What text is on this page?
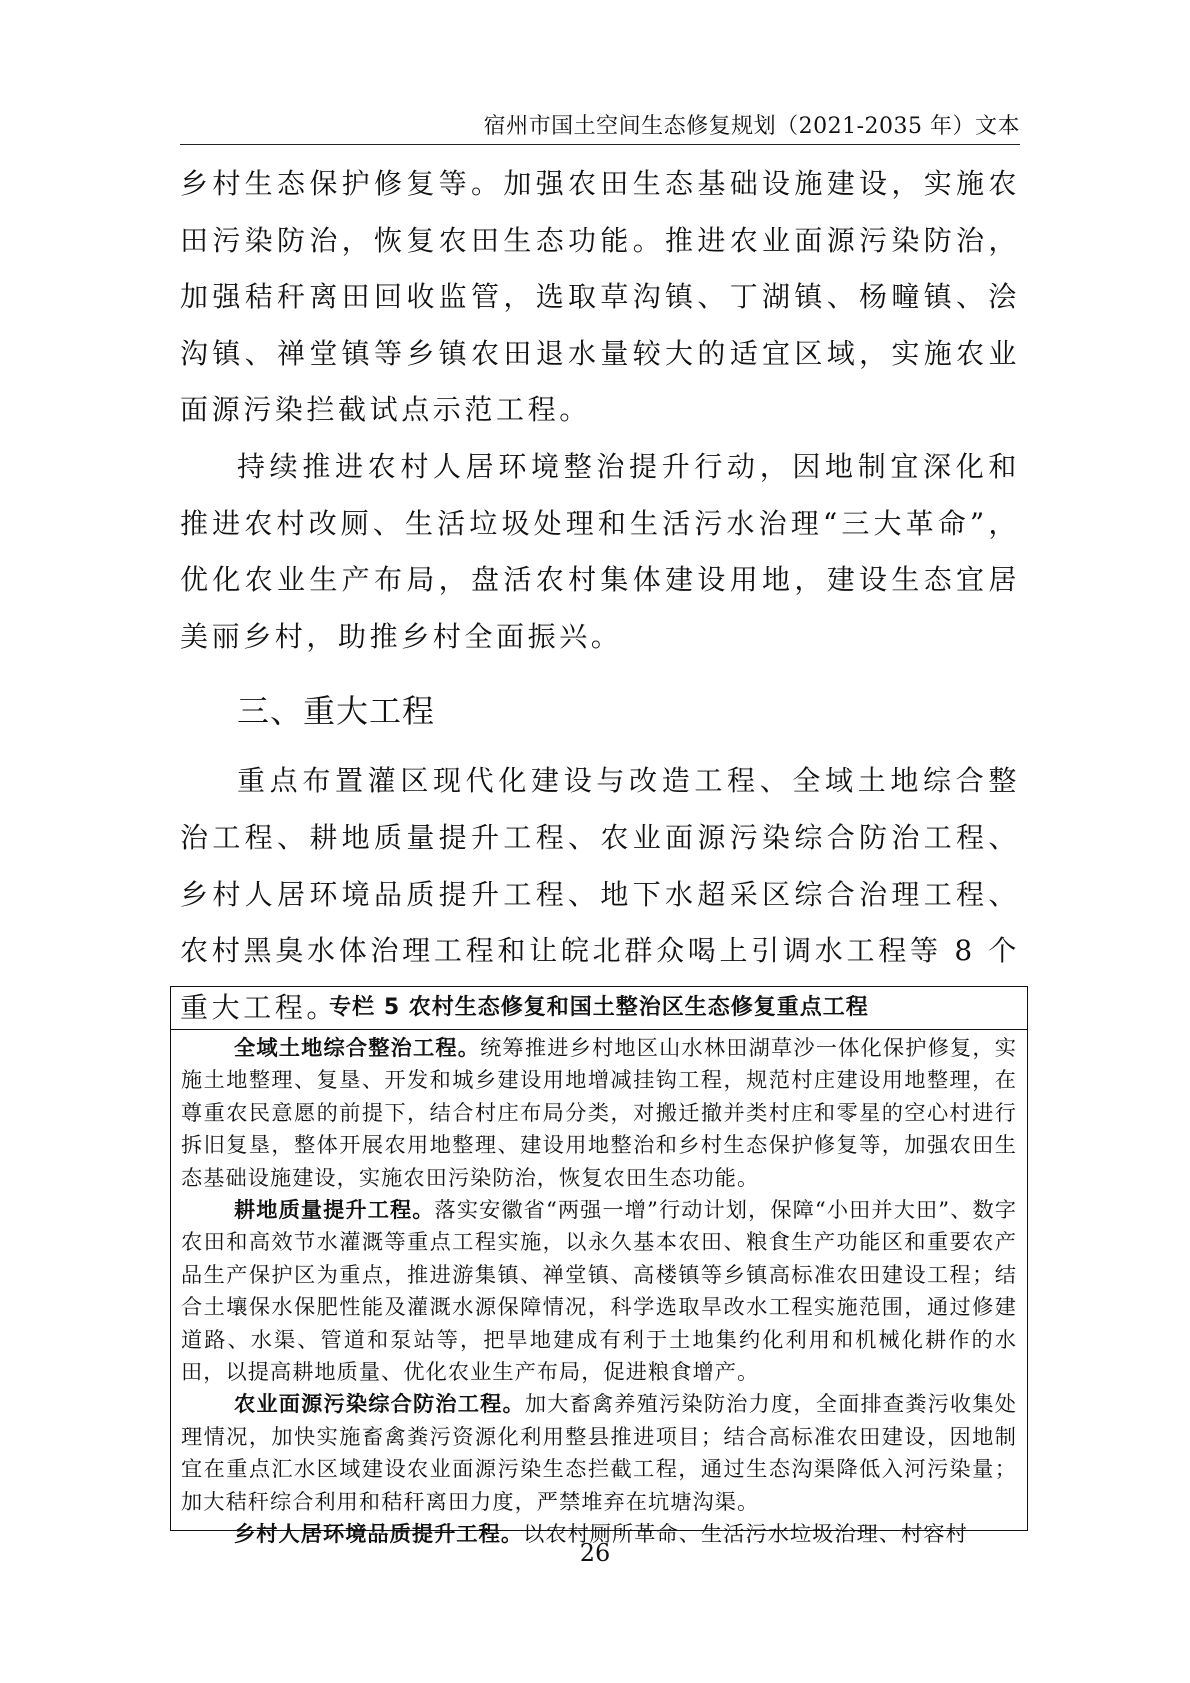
宿州市国土空间生态修复规划（2021-2035 年）文本

乡村生态保护修复等。加强农田生态基础设施建设，实施农田污染防治，恢复农田生态功能。推进农业面源污染防治，加强秸秆离田回收监管，选取草沟镇、丁湖镇、杨疃镇、浍沟镇、禅堂镇等乡镇农田退水量较大的适宜区域，实施农业面源污染拦截试点示范工程。

持续推进农村人居环境整治提升行动，因地制宜深化和推进农村改厕、生活垃圾处理和生活污水治理“三大革命”，优化农业生产布局，盘活农村集体建设用地，建设生态宜居美丽乡村，助推乡村全面振兴。

三、重大工程

重点布置灌区现代化建设与改造工程、全域土地综合整治工程、耕地质量提升工程、农业面源污染综合防治工程、乡村人居环境品质提升工程、地下水超采区综合治理工程、农村黑臭水体治理工程和让皖北群众喝上引调水工程等 8 个重大工程。

专栏 5 农村生态修复和国土整治区生态修复重点工程

全域土地综合整治工程。统筹推进乡村地区山水林田湖草沙一体化保护修复，实施土地整理、复垦、开发和城乡建设用地增减挂钩工程，规范村庄建设用地整理，在尊重农民意愿的前提下，结合村庄布局分类，对搬迁撤并类村庄和零星的空心村进行拆旧复垦，整体开展农用地整理、建设用地整治和乡村生态保护修复等，加强农田生态基础设施建设，实施农田污染防治，恢复农田生态功能。

耕地质量提升工程。落实安徽省“两强一增”行动计划，保障“小田并大田”、数字农田和高效节水灌溉等重点工程实施，以永久基本农田、粮食生产功能区和重要农产品生产保护区为重点，推进游集镇、禅堂镇、高楼镇等乡镇高标准农田建设工程；结合土壤保水保肥性能及灌溉水源保障情况，科学选取旱改水工程实施范围，通过修建道路、水渠、管道和泵站等，把旱地建成有利于土地集约化利用和机械化耕作的水田，以提高耕地质量、优化农业生产布局，促进粮食增产。

农业面源污染综合防治工程。加大畜禽养殖污染防治力度，全面排查粪污收集处理情况，加快实施畜禽粪污资源化利用整县推进项目；结合高标准农田建设，因地制宜在重点汇水区域建设农业面源污染生态拦截工程，通过生态沟渠降低入河污染量；加大秸秆综合利用和秸秆离田力度，严禁堆弃在坑塘沟渠。

乡村人居环境品质提升工程。以农村厕所革命、生活污水垃圾治理、村容村

26
